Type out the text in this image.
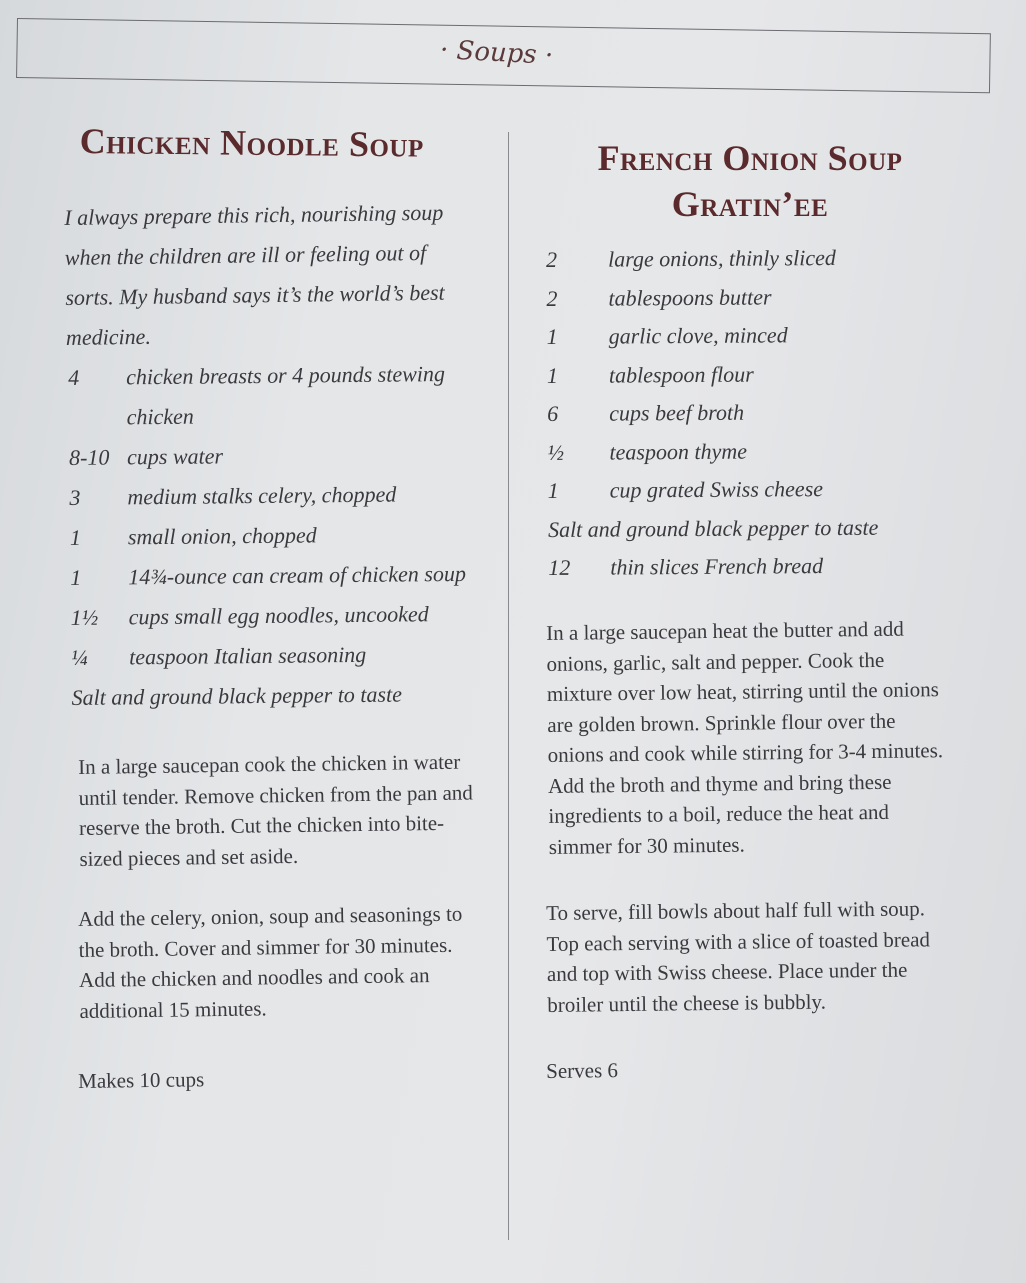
· Soups ·
Chicken Noodle Soup

I always prepare this rich, nourishing soup when the children are ill or feeling out of sorts. My husband says it’s the world’s best medicine.

4	chicken breasts or 4 pounds stewing chicken
8-10 cups water
3	medium stalks celery, chopped
1	small onion, chopped
1	14¾-ounce can cream of chicken soup
1½	cups small egg noodles, uncooked
¼	teaspoon Italian seasoning
Salt and ground black pepper to taste

In a large saucepan cook the chicken in water until tender. Remove chicken from the pan and reserve the broth. Cut the chicken into bite-sized pieces and set aside.

Add the celery, onion, soup and seasonings to the broth. Cover and simmer for 30 minutes. Add the chicken and noodles and cook an additional 15 minutes.

Makes 10 cups

French Onion Soup
Gratin’ee
2	large onions, thinly sliced
2	tablespoons butter
1	garlic clove, minced
1	tablespoon flour
6	cups beef broth
½	teaspoon thyme
1	cup grated Swiss cheese
Salt and ground black pepper to taste
12	thin slices French bread

In a large saucepan heat the butter and add onions, garlic, salt and pepper. Cook the mixture over low heat, stirring until the onions are golden brown. Sprinkle flour over the onions and cook while stirring for 3-4 minutes. Add the broth and thyme and bring these ingredients to a boil, reduce the heat and simmer for 30 minutes.

To serve, fill bowls about half full with soup. Top each serving with a slice of toasted bread and top with Swiss cheese. Place under the broiler until the cheese is bubbly.

Serves 6
